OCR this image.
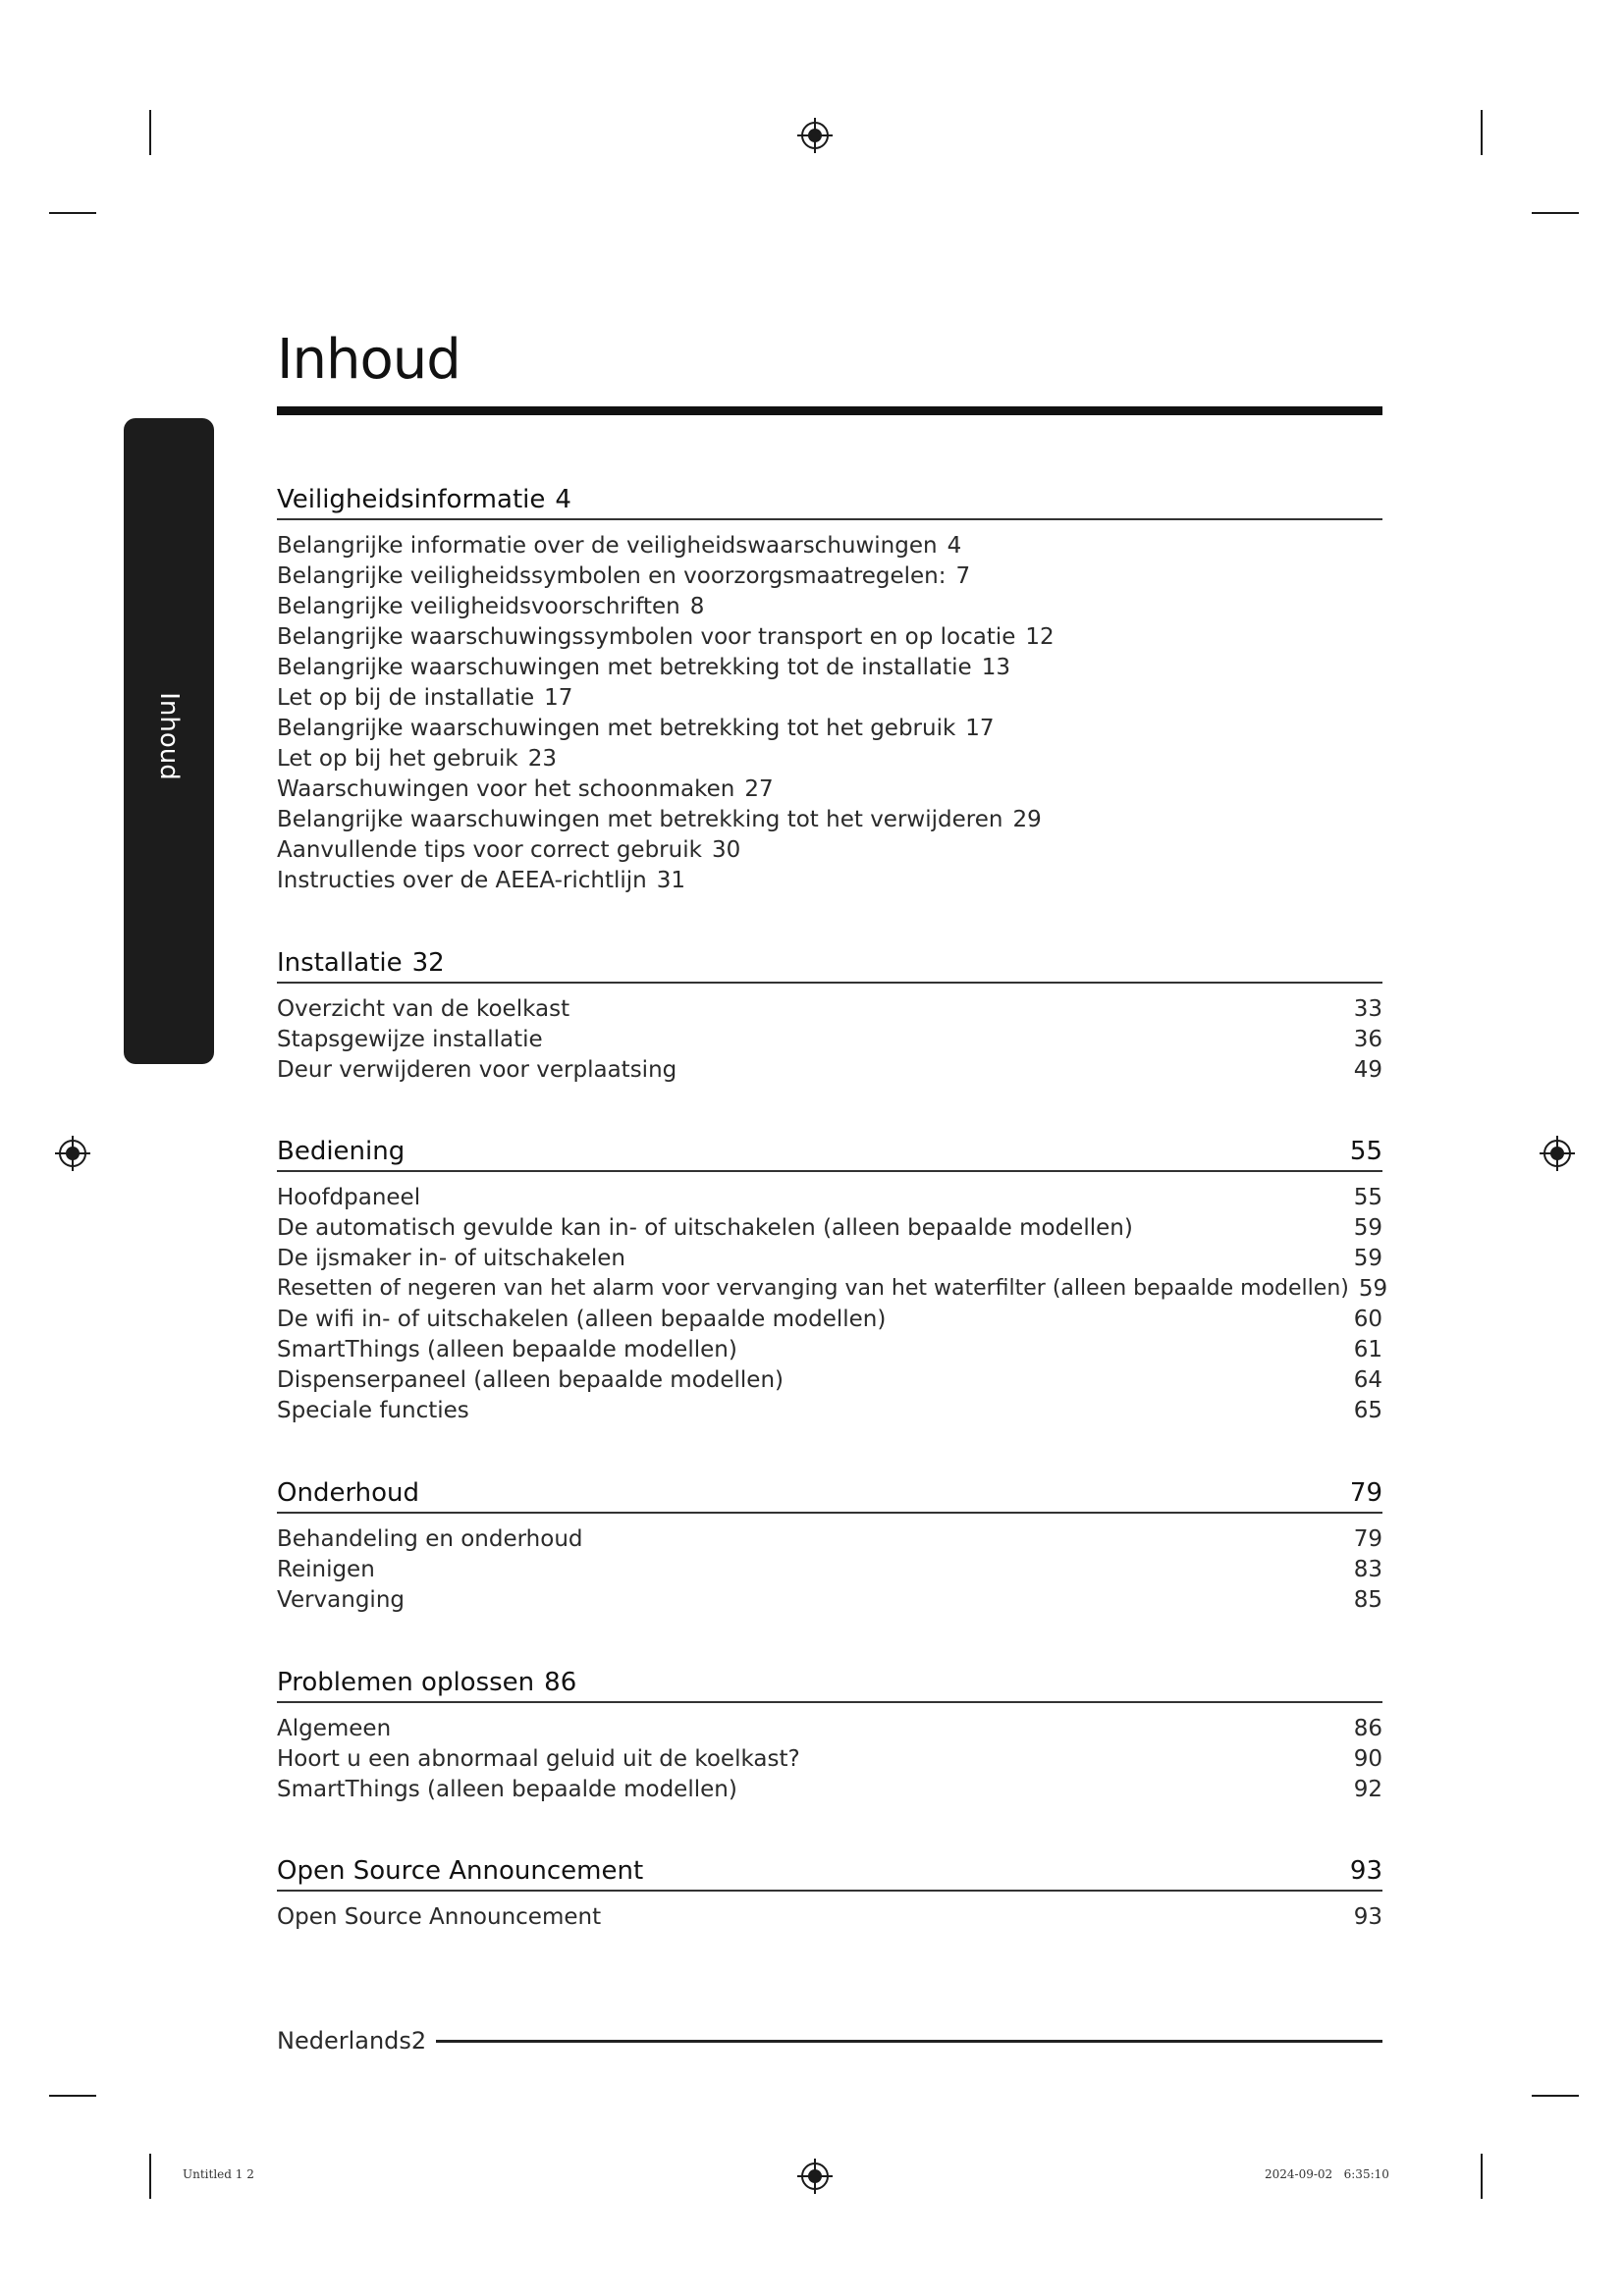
Inhoud
Inhoud
Veiligheidsinformatie 4
Belangrijke informatie over de veiligheidswaarschuwingen 4
Belangrijke veiligheidssymbolen en voorzorgsmaatregelen: 7
Belangrijke veiligheidsvoorschriften 8
Belangrijke waarschuwingssymbolen voor transport en op locatie 12
Belangrijke waarschuwingen met betrekking tot de installatie 13
Let op bij de installatie 17
Belangrijke waarschuwingen met betrekking tot het gebruik 17
Let op bij het gebruik 23
Waarschuwingen voor het schoonmaken 27
Belangrijke waarschuwingen met betrekking tot het verwijderen 29
Aanvullende tips voor correct gebruik 30
Instructies over de AEEA-richtlijn 31
Installatie 32
Overzicht van de koelkast	33
Stapsgewijze installatie	36
Deur verwijderen voor verplaatsing	49
Bediening	55
Hoofdpaneel	55
De automatisch gevulde kan in- of uitschakelen (alleen bepaalde modellen)	59
De ijsmaker in- of uitschakelen	59
Resetten of negeren van het alarm voor vervanging van het waterfilter (alleen bepaalde modellen) 59
De wifi in- of uitschakelen (alleen bepaalde modellen)	60
SmartThings (alleen bepaalde modellen)	61
Dispenserpaneel (alleen bepaalde modellen)	64
Speciale functies	65
Onderhoud	79
Behandeling en onderhoud	79
Reinigen	83
Vervanging	85
Problemen oplossen 86
Algemeen	86
Hoort u een abnormaal geluid uit de koelkast?	90
SmartThings (alleen bepaalde modellen)	92
Open Source Announcement	93
Open Source Announcement	93
Nederlands2
Untitled 1 2	2024-09-02   6:35:10
